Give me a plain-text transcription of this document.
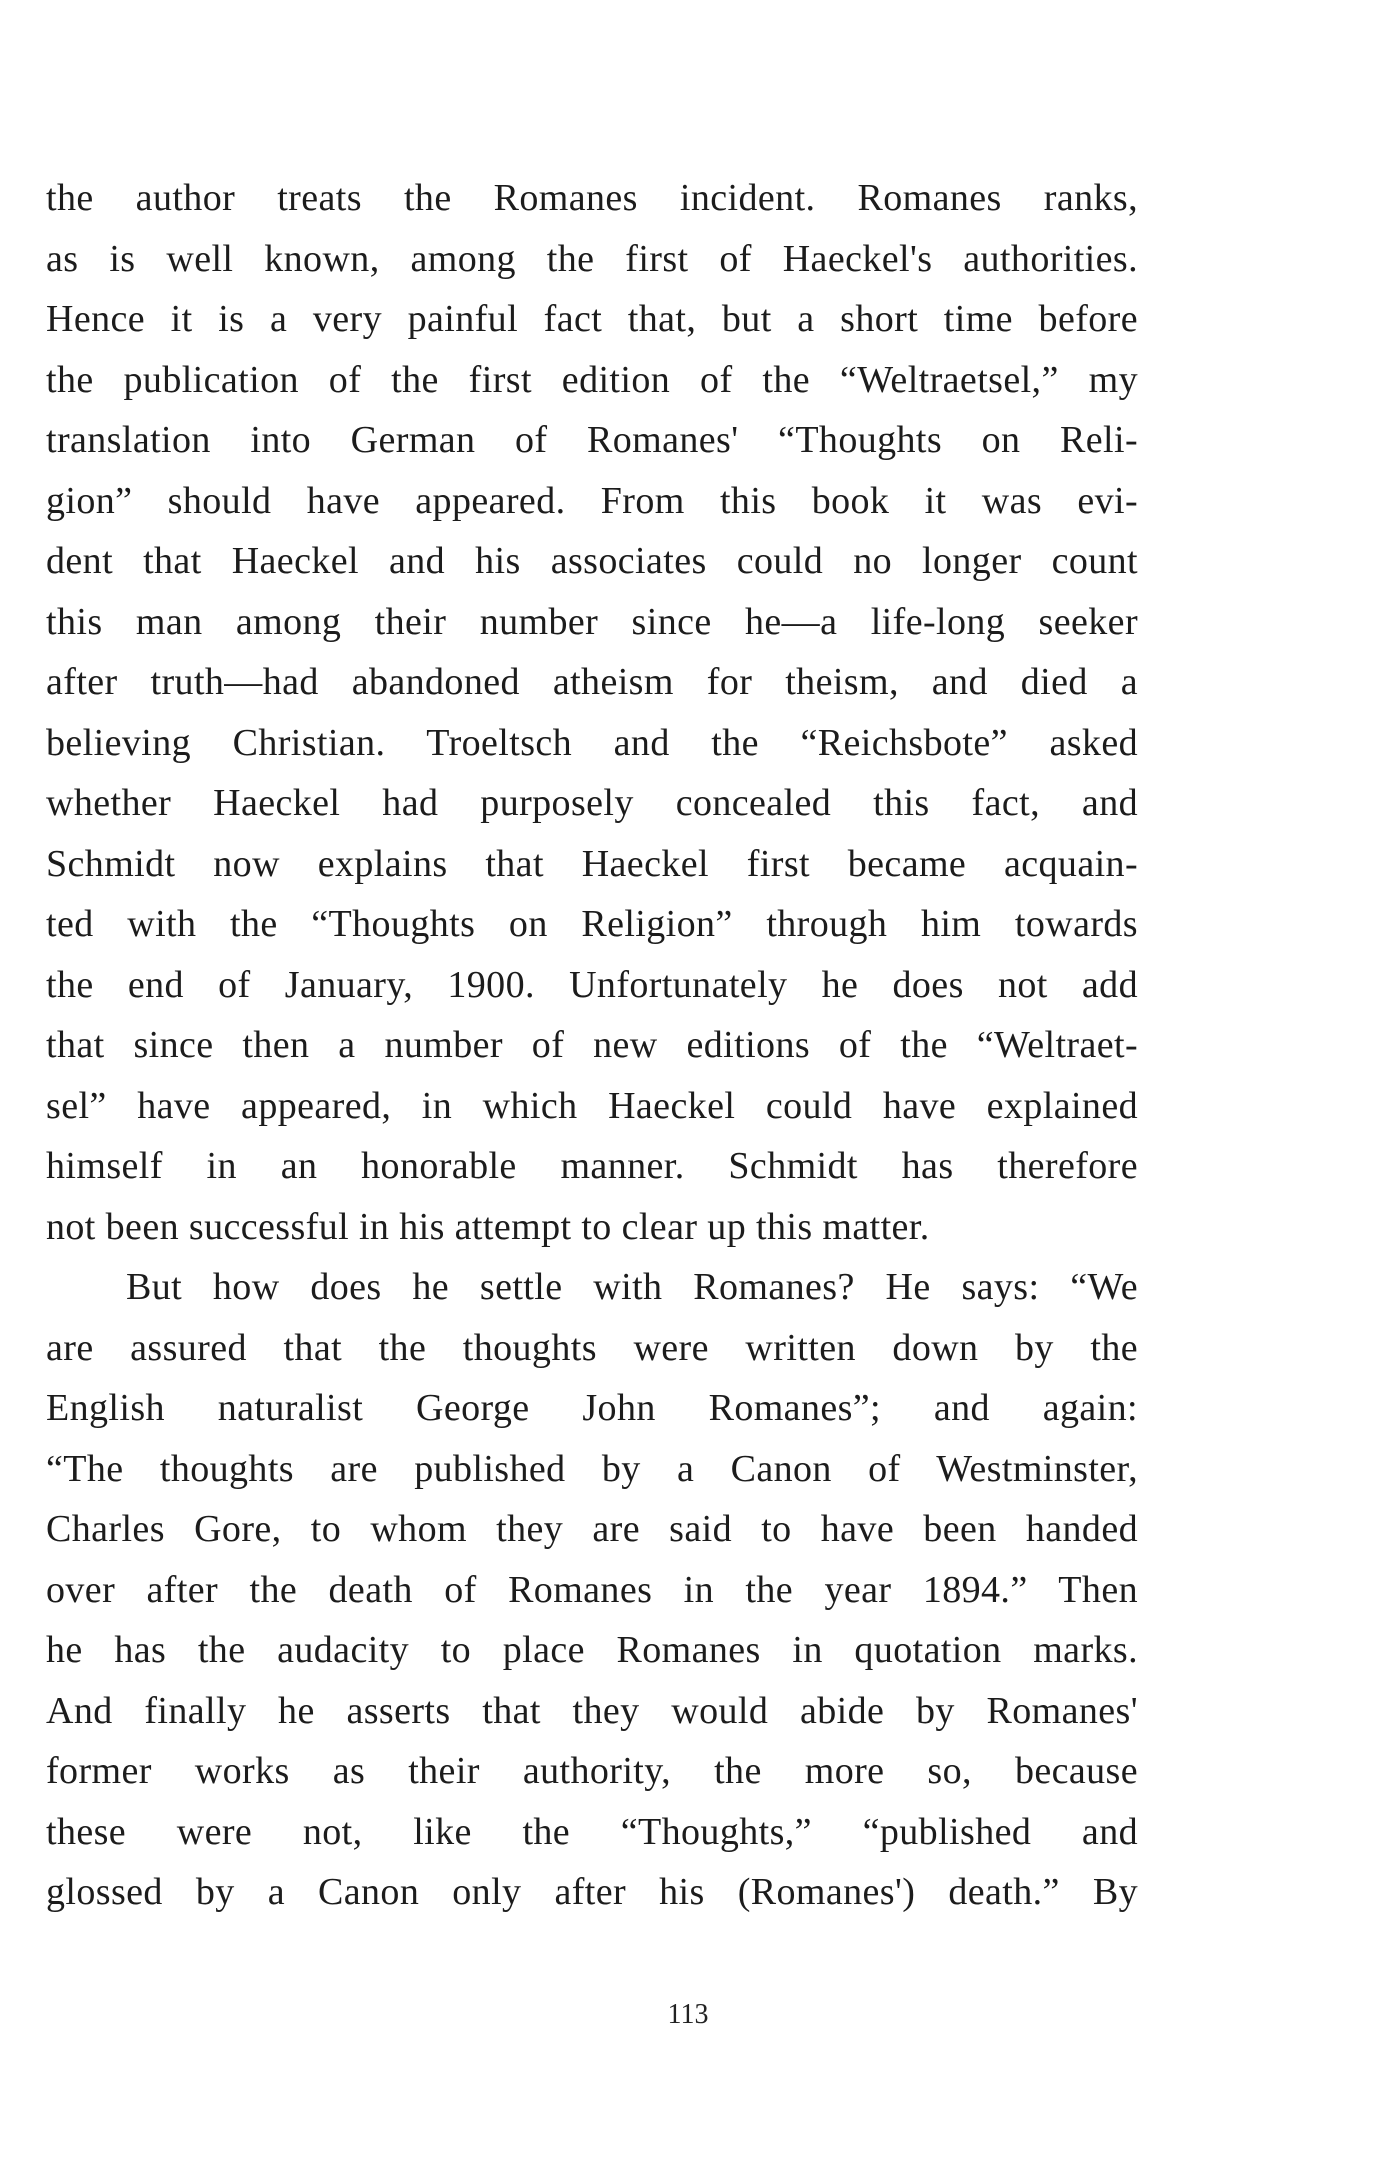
the author treats the Romanes incident. Romanes ranks,
as is well known, among the first of Haeckel's authorities.
Hence it is a very painful fact that, but a short time before
the publication of the first edition of the “Weltraetsel,” my
translation into German of Romanes' “Thoughts on Reli-
gion” should have appeared. From this book it was evi-
dent that Haeckel and his associates could no longer count
this man among their number since he—a life-long seeker
after truth—had abandoned atheism for theism, and died a
believing Christian. Troeltsch and the “Reichsbote” asked
whether Haeckel had purposely concealed this fact, and
Schmidt now explains that Haeckel first became acquain-
ted with the “Thoughts on Religion” through him towards
the end of January, 1900. Unfortunately he does not add
that since then a number of new editions of the “Weltraet-
sel” have appeared, in which Haeckel could have explained
himself in an honorable manner. Schmidt has therefore
not been successful in his attempt to clear up this matter.
But how does he settle with Romanes? He says: “We
are assured that the thoughts were written down by the
English naturalist George John Romanes”; and again:
“The thoughts are published by a Canon of Westminster,
Charles Gore, to whom they are said to have been handed
over after the death of Romanes in the year 1894.” Then
he has the audacity to place Romanes in quotation marks.
And finally he asserts that they would abide by Romanes'
former works as their authority, the more so, because
these were not, like the “Thoughts,” “published and
glossed by a Canon only after his (Romanes') death.” By
113
